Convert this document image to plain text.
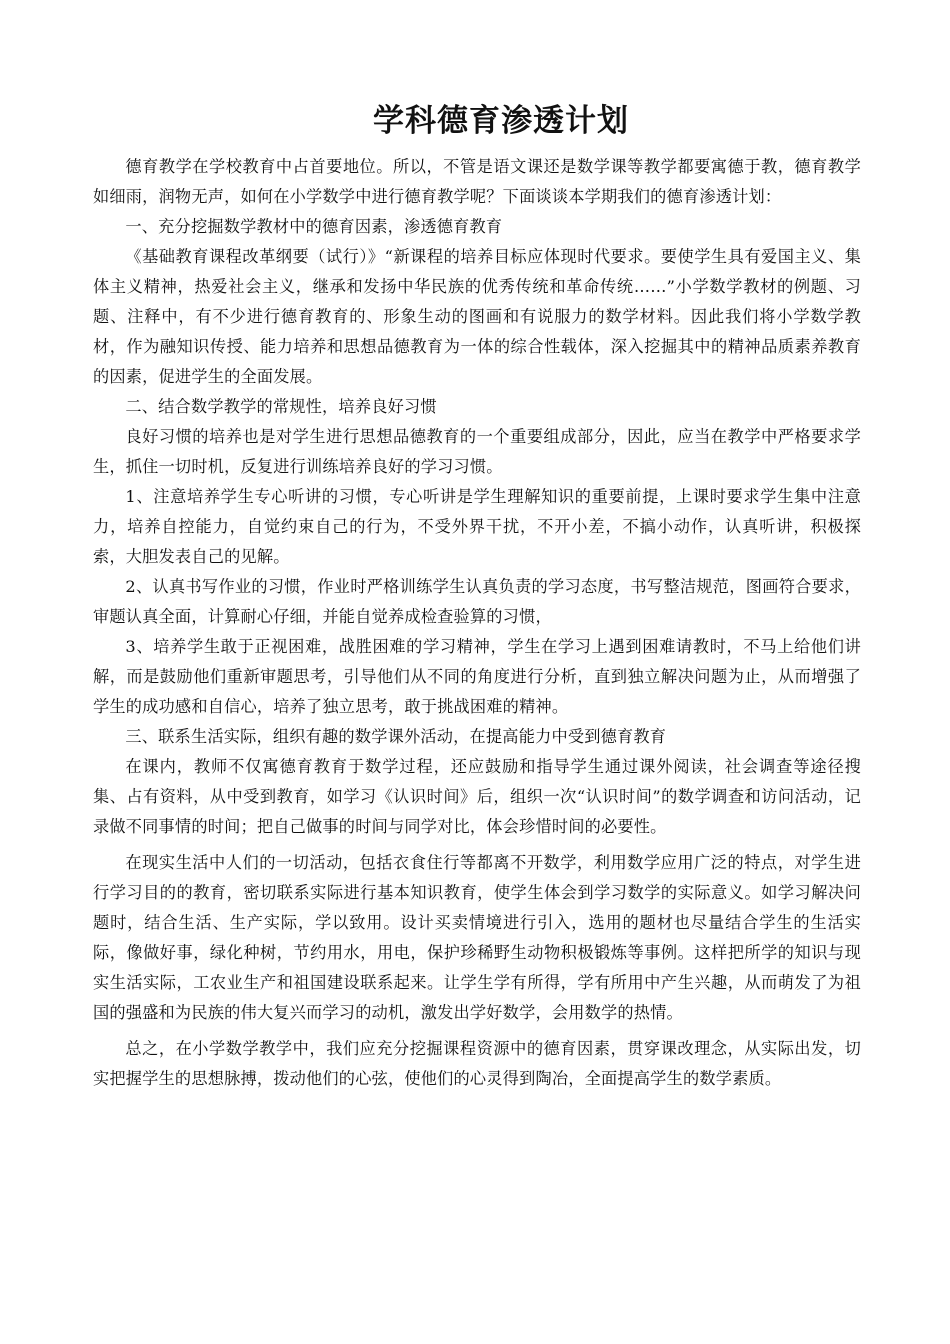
学科德育渗透计划

德育教学在学校教育中占首要地位。所以，不管是语文课还是数学课等教学都要寓德于教，德育教学如细雨，润物无声，如何在小学数学中进行德育教学呢？下面谈谈本学期我们的德育渗透计划：

一、充分挖掘数学教材中的德育因素，渗透德育教育

《基础教育课程改革纲要（试行）》“新课程的培养目标应体现时代要求。要使学生具有爱国主义、集体主义精神，热爱社会主义，继承和发扬中华民族的优秀传统和革命传统……”小学数学教材的例题、习题、注释中，有不少进行德育教育的、形象生动的图画和有说服力的数学材料。因此我们将小学数学教材，作为融知识传授、能力培养和思想品德教育为一体的综合性载体，深入挖掘其中的精神品质素养教育的因素，促进学生的全面发展。

二、结合数学教学的常规性，培养良好习惯

良好习惯的培养也是对学生进行思想品德教育的一个重要组成部分，因此，应当在教学中严格要求学生，抓住一切时机，反复进行训练培养良好的学习习惯。

1、注意培养学生专心听讲的习惯，专心听讲是学生理解知识的重要前提，上课时要求学生集中注意力，培养自控能力，自觉约束自己的行为，不受外界干扰，不开小差，不搞小动作，认真听讲，积极探索，大胆发表自己的见解。

2、认真书写作业的习惯，作业时严格训练学生认真负责的学习态度，书写整洁规范，图画符合要求，审题认真全面，计算耐心仔细，并能自觉养成检查验算的习惯，

3、培养学生敢于正视困难，战胜困难的学习精神，学生在学习上遇到困难请教时，不马上给他们讲解，而是鼓励他们重新审题思考，引导他们从不同的角度进行分析，直到独立解决问题为止，从而增强了学生的成功感和自信心，培养了独立思考，敢于挑战困难的精神。

三、联系生活实际，组织有趣的数学课外活动，在提高能力中受到德育教育

在课内，教师不仅寓德育教育于数学过程，还应鼓励和指导学生通过课外阅读，社会调查等途径搜集、占有资料，从中受到教育，如学习《认识时间》后，组织一次“认识时间”的数学调查和访问活动，记录做不同事情的时间；把自己做事的时间与同学对比，体会珍惜时间的必要性。

在现实生活中人们的一切活动，包括衣食住行等都离不开数学，利用数学应用广泛的特点，对学生进行学习目的的教育，密切联系实际进行基本知识教育，使学生体会到学习数学的实际意义。如学习解决问题时，结合生活、生产实际，学以致用。设计买卖情境进行引入，选用的题材也尽量结合学生的生活实际，像做好事，绿化种树，节约用水，用电，保护珍稀野生动物积极锻炼等事例。这样把所学的知识与现实生活实际，工农业生产和祖国建设联系起来。让学生学有所得，学有所用中产生兴趣，从而萌发了为祖国的强盛和为民族的伟大复兴而学习的动机，激发出学好数学，会用数学的热情。

总之，在小学数学教学中，我们应充分挖掘课程资源中的德育因素，贯穿课改理念，从实际出发，切实把握学生的思想脉搏，拨动他们的心弦，使他们的心灵得到陶冶，全面提高学生的数学素质。
